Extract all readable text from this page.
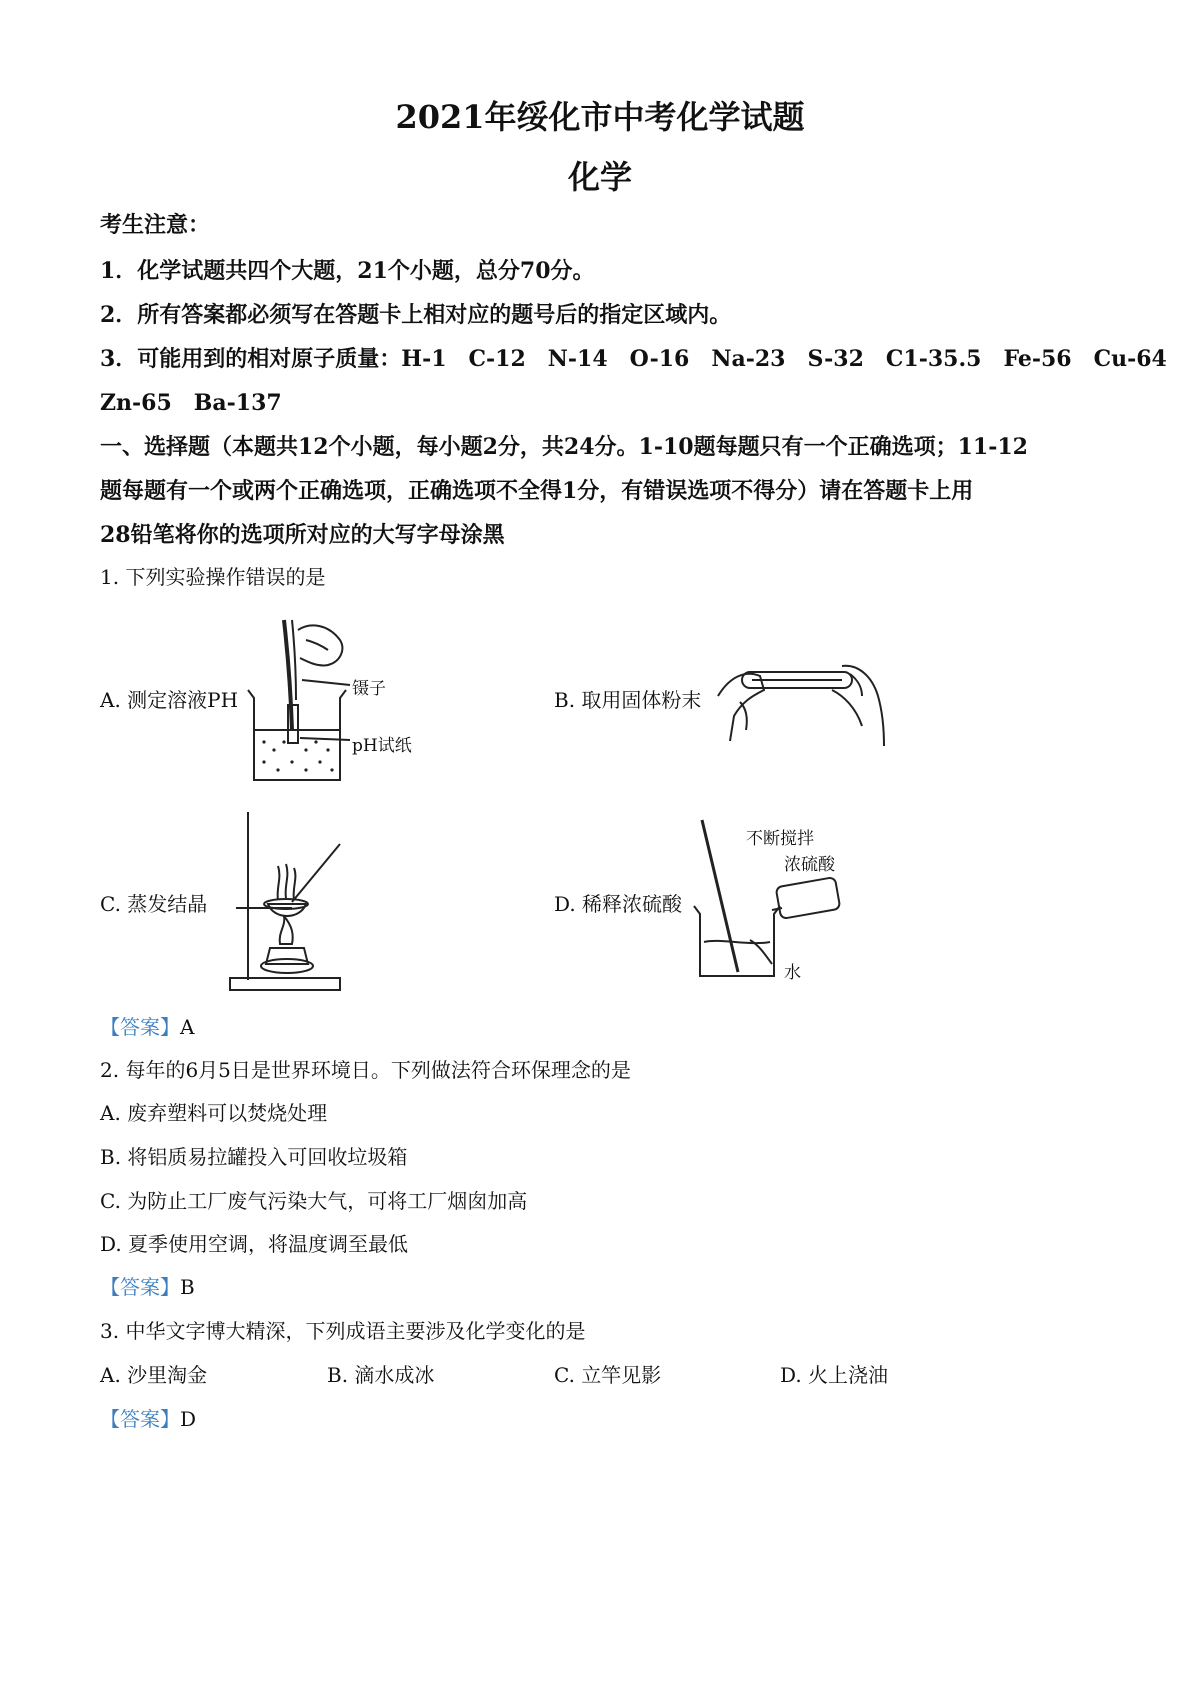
2021年绥化市中考化学试题
化学
考生注意：
1．化学试题共四个大题，21个小题，总分70分。
2．所有答案都必须写在答题卡上相对应的题号后的指定区域内。
3．可能用到的相对原子质量：H-1　C-12　N-14　O-16　Na-23　S-32　C1-35.5　Fe-56　Cu-64
Zn-65　Ba-137
一、选择题（本题共12个小题，每小题2分，共24分。1-10题每题只有一个正确选项；11-12
题每题有一个或两个正确选项，正确选项不全得1分，有错误选项不得分）请在答题卡上用
28铅笔将你的选项所对应的大写字母涂黑
1. 下列实验操作错误的是
A. 测定溶液PH	B. 取用固体粉末
C. 蒸发结晶	D. 稀释浓硫酸
镊子
pH试纸
不断搅拌
浓硫酸
水
【答案】A
2. 每年的6月5日是世界环境日。下列做法符合环保理念的是
A. 废弃塑料可以焚烧处理
B. 将铝质易拉罐投入可回收垃圾箱
C. 为防止工厂废气污染大气，可将工厂烟囱加高
D. 夏季使用空调，将温度调至最低
【答案】B
3. 中华文字博大精深，下列成语主要涉及化学变化的是
A. 沙里淘金	B. 滴水成冰	C. 立竿见影	D. 火上浇油
【答案】D
